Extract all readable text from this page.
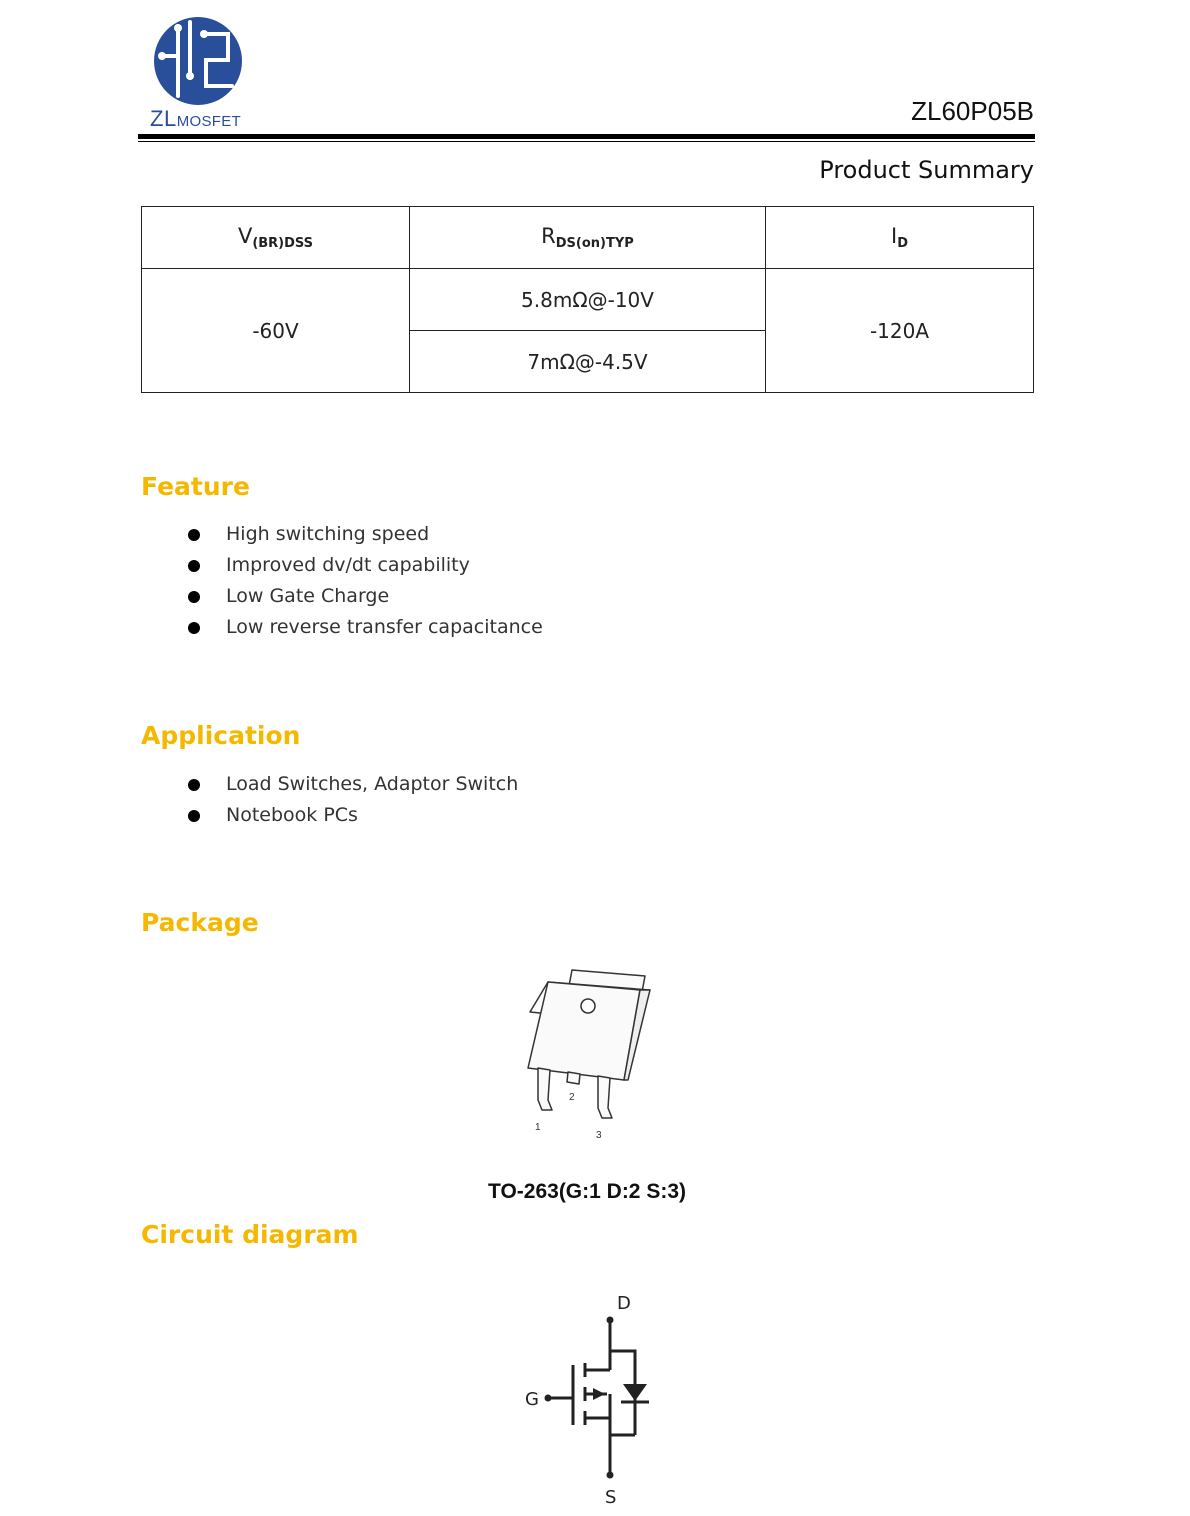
ZLMOSFET	ZL60P05B
Product Summary
$V_{(BR)DSS}$	$R_{DS(on)TYP}$	$I_D$
-60V	5.8mΩ@-10V	-120A
	7mΩ@-4.5V	
Feature
High switching speed
Improved dv/dt capability
Low Gate Charge
Low reverse transfer capacitance
Application
Load Switches, Adaptor Switch
Notebook PCs
Package
1
2
3
TO-263(G:1 D:2 S:3)
Circuit diagram
D
G
S
